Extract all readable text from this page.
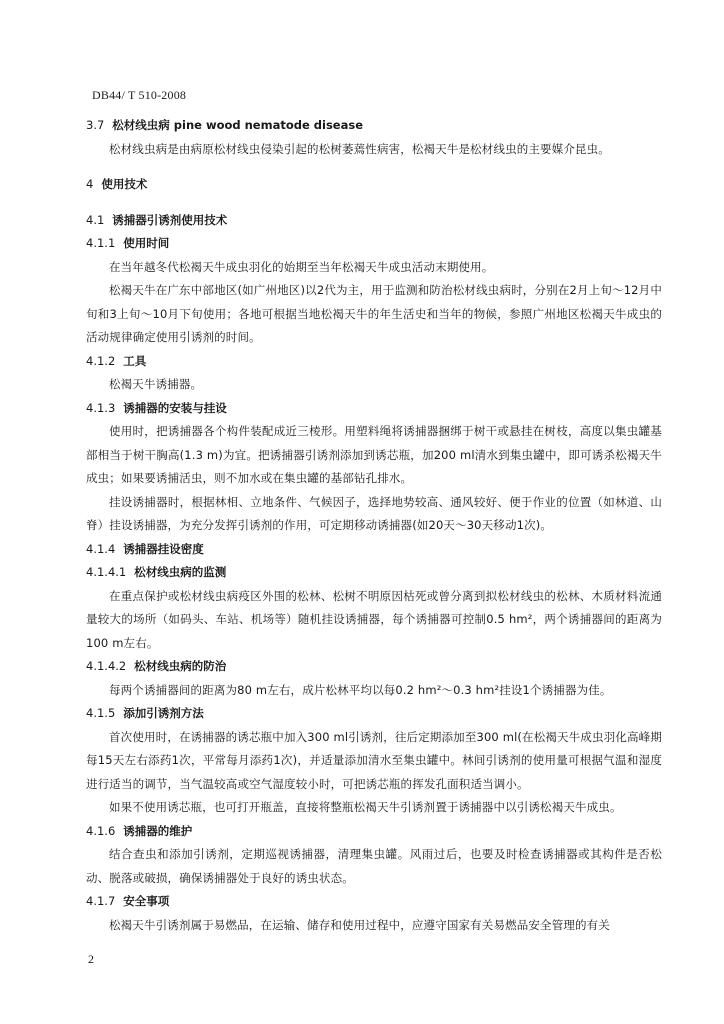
DB44/ T 510-2008
3.7 松材线虫病 pine wood nematode disease

松材线虫病是由病原松材线虫侵染引起的松树萎蔫性病害，松褐天牛是松材线虫的主要媒介昆虫。

4 使用技术
4.1 诱捕器引诱剂使用技术
4.1.1 使用时间

在当年越冬代松褐天牛成虫羽化的始期至当年松褐天牛成虫活动末期使用。

松褐天牛在广东中部地区(如广州地区)以2代为主，用于监测和防治松材线虫病时，分别在2月上旬～12月中旬和3上旬～10月下旬使用；各地可根据当地松褐天牛的年生活史和当年的物候，参照广州地区松褐天牛成虫的活动规律确定使用引诱剂的时间。

4.1.2 工具

松褐天牛诱捕器。

4.1.3 诱捕器的安装与挂设

使用时，把诱捕器各个构件装配成近三棱形。用塑料绳将诱捕器捆绑于树干或悬挂在树枝，高度以集虫罐基部相当于树干胸高(1.3 m)为宜。把诱捕器引诱剂添加到诱芯瓶，加200 ml清水到集虫罐中，即可诱杀松褐天牛成虫；如果要诱捕活虫，则不加水或在集虫罐的基部钻孔排水。

挂设诱捕器时，根据林相、立地条件、气候因子，选择地势较高、通风较好、便于作业的位置（如林道、山脊）挂设诱捕器，为充分发挥引诱剂的作用，可定期移动诱捕器(如20天～30天移动1次)。

4.1.4 诱捕器挂设密度
4.1.4.1 松材线虫病的监测

在重点保护或松材线虫病疫区外围的松林、松树不明原因枯死或曾分离到拟松材线虫的松林、木质材料流通量较大的场所（如码头、车站、机场等）随机挂设诱捕器，每个诱捕器可控制0.5 hm²，两个诱捕器间的距离为100 m左右。

4.1.4.2 松材线虫病的防治

每两个诱捕器间的距离为80 m左右，成片松林平均以每0.2 hm²～0.3 hm²挂设1个诱捕器为佳。

4.1.5 添加引诱剂方法

首次使用时，在诱捕器的诱芯瓶中加入300 ml引诱剂，往后定期添加至300 ml(在松褐天牛成虫羽化高峰期每15天左右添药1次，平常每月添药1次)，并适量添加清水至集虫罐中。林间引诱剂的使用量可根据气温和湿度进行适当的调节，当气温较高或空气湿度较小时，可把诱芯瓶的挥发孔面积适当调小。

如果不使用诱芯瓶，也可打开瓶盖，直接将整瓶松褐天牛引诱剂置于诱捕器中以引诱松褐天牛成虫。

4.1.6 诱捕器的维护

结合查虫和添加引诱剂，定期巡视诱捕器，清理集虫罐。风雨过后，也要及时检查诱捕器或其构件是否松动、脱落或破损，确保诱捕器处于良好的诱虫状态。

4.1.7 安全事项

松褐天牛引诱剂属于易燃品，在运输、储存和使用过程中，应遵守国家有关易燃品安全管理的有关

2
